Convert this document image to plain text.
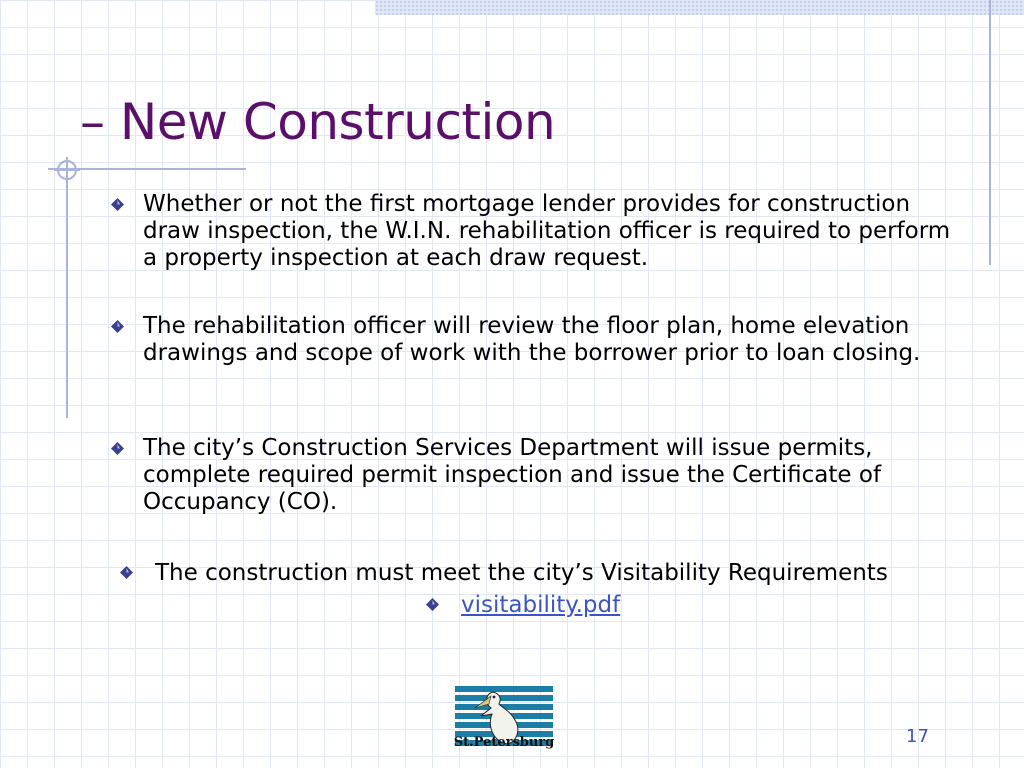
– New Construction

Whether or not the first mortgage lender provides for construction draw inspection, the W.I.N. rehabilitation officer is required to perform a property inspection at each draw request.

The rehabilitation officer will review the floor plan, home elevation drawings and scope of work with the borrower prior to loan closing.

The city’s Construction Services Department will issue permits, complete required permit inspection and issue the Certificate of Occupancy (CO).

The construction must meet the city’s Visitability Requirements

visitability.pdf
St.Petersburg	17
